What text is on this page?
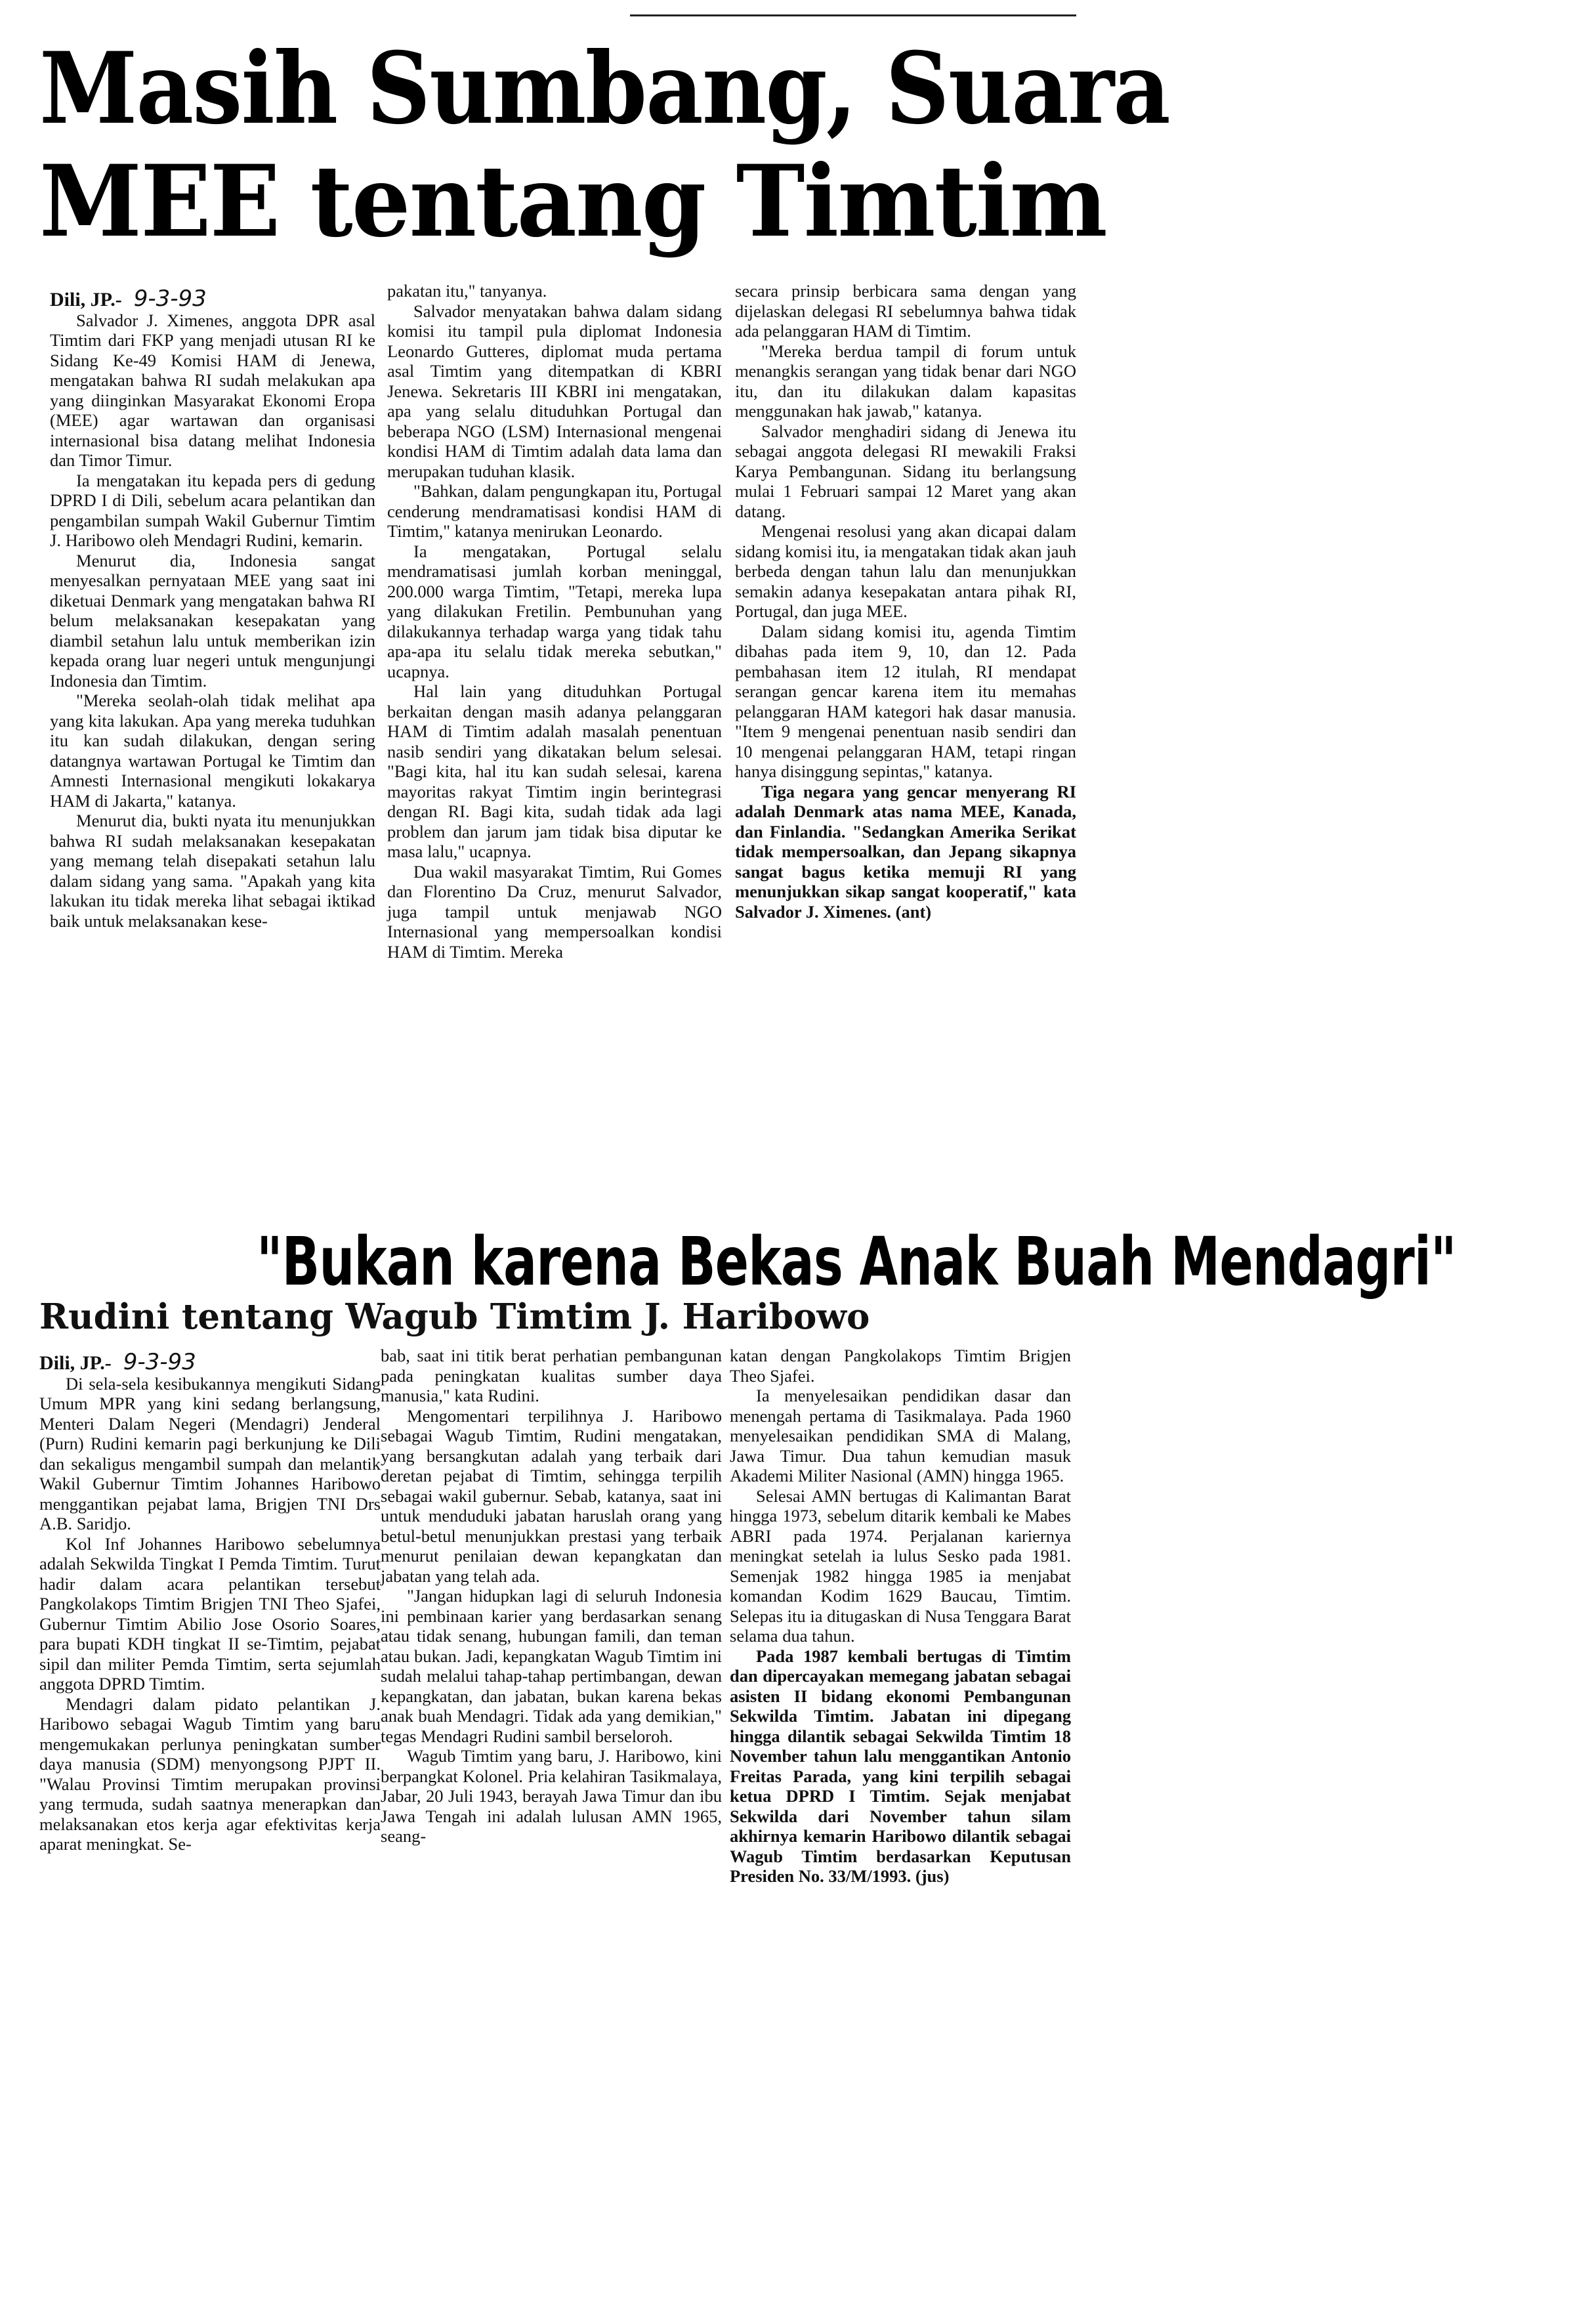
Masih Sumbang, Suara
MEE tentang Timtim
Dili, JP.- 9-3-93

Salvador J. Ximenes, anggota DPR asal Timtim dari FKP yang menjadi utusan RI ke Sidang Ke-49 Komisi HAM di Jenewa, mengatakan bahwa RI sudah melakukan apa yang diinginkan Masyarakat Ekonomi Eropa (MEE) agar wartawan dan organisasi internasional bisa datang melihat Indonesia dan Timor Timur.

Ia mengatakan itu kepada pers di gedung DPRD I di Dili, sebelum acara pelantikan dan pengambilan sumpah Wakil Gubernur Timtim J. Haribowo oleh Mendagri Rudini, kemarin.

Menurut dia, Indonesia sangat menyesalkan pernyataan MEE yang saat ini diketuai Denmark yang mengatakan bahwa RI belum melaksanakan kesepakatan yang diambil setahun lalu untuk memberikan izin kepada orang luar negeri untuk mengunjungi Indonesia dan Timtim.

"Mereka seolah-olah tidak melihat apa yang kita lakukan. Apa yang mereka tuduhkan itu kan sudah dilakukan, dengan sering datangnya wartawan Portugal ke Timtim dan Amnesti Internasional mengikuti lokakarya HAM di Jakarta," katanya.

Menurut dia, bukti nyata itu menunjukkan bahwa RI sudah melaksanakan kesepakatan yang memang telah disepakati setahun lalu dalam sidang yang sama. "Apakah yang kita lakukan itu tidak mereka lihat sebagai iktikad baik untuk melaksanakan kese-

pakatan itu," tanyanya.

Salvador menyatakan bahwa dalam sidang komisi itu tampil pula diplomat Indonesia Leonardo Gutteres, diplomat muda pertama asal Timtim yang ditempatkan di KBRI Jenewa. Sekretaris III KBRI ini mengatakan, apa yang selalu dituduhkan Portugal dan beberapa NGO (LSM) Internasional mengenai kondisi HAM di Timtim adalah data lama dan merupakan tuduhan klasik.

"Bahkan, dalam pengungkapan itu, Portugal cenderung mendramatisasi kondisi HAM di Timtim," katanya menirukan Leonardo.

Ia mengatakan, Portugal selalu mendramatisasi jumlah korban meninggal, 200.000 warga Timtim, "Tetapi, mereka lupa yang dilakukan Fretilin. Pembunuhan yang dilakukannya terhadap warga yang tidak tahu apa-apa itu selalu tidak mereka sebutkan," ucapnya.

Hal lain yang dituduhkan Portugal berkaitan dengan masih adanya pelanggaran HAM di Timtim adalah masalah penentuan nasib sendiri yang dikatakan belum selesai. "Bagi kita, hal itu kan sudah selesai, karena mayoritas rakyat Timtim ingin berintegrasi dengan RI. Bagi kita, sudah tidak ada lagi problem dan jarum jam tidak bisa diputar ke masa lalu," ucapnya.

Dua wakil masyarakat Timtim, Rui Gomes dan Florentino Da Cruz, menurut Salvador, juga tampil untuk menjawab NGO Internasional yang mempersoalkan kondisi HAM di Timtim. Mereka

secara prinsip berbicara sama dengan yang dijelaskan delegasi RI sebelumnya bahwa tidak ada pelanggaran HAM di Timtim.

"Mereka berdua tampil di forum untuk menangkis serangan yang tidak benar dari NGO itu, dan itu dilakukan dalam kapasitas menggunakan hak jawab," katanya.

Salvador menghadiri sidang di Jenewa itu sebagai anggota delegasi RI mewakili Fraksi Karya Pembangunan. Sidang itu berlangsung mulai 1 Februari sampai 12 Maret yang akan datang.

Mengenai resolusi yang akan dicapai dalam sidang komisi itu, ia mengatakan tidak akan jauh berbeda dengan tahun lalu dan menunjukkan semakin adanya kesepakatan antara pihak RI, Portugal, dan juga MEE.

Dalam sidang komisi itu, agenda Timtim dibahas pada item 9, 10, dan 12. Pada pembahasan item 12 itulah, RI mendapat serangan gencar karena item itu memahas pelanggaran HAM kategori hak dasar manusia. "Item 9 mengenai penentuan nasib sendiri dan 10 mengenai pelanggaran HAM, tetapi ringan hanya disinggung sepintas," katanya.

Tiga negara yang gencar menyerang RI adalah Denmark atas nama MEE, Kanada, dan Finlandia. "Sedangkan Amerika Serikat tidak mempersoalkan, dan Jepang sikapnya sangat bagus ketika memuji RI yang menunjukkan sikap sangat kooperatif," kata Salvador J. Ximenes. (ant)

"Bukan karena Bekas Anak Buah Mendagri"
Rudini tentang Wagub Timtim J. Haribowo
Dili, JP.- 9-3-93

Di sela-sela kesibukannya mengikuti Sidang Umum MPR yang kini sedang berlangsung, Menteri Dalam Negeri (Mendagri) Jenderal (Purn) Rudini kemarin pagi berkunjung ke Dili dan sekaligus mengambil sumpah dan melantik Wakil Gubernur Timtim Johannes Haribowo menggantikan pejabat lama, Brigjen TNI Drs A.B. Saridjo.

Kol Inf Johannes Haribowo sebelumnya adalah Sekwilda Tingkat I Pemda Timtim. Turut hadir dalam acara pelantikan tersebut Pangkolakops Timtim Brigjen TNI Theo Sjafei, Gubernur Timtim Abilio Jose Osorio Soares, para bupati KDH tingkat II se-Timtim, pejabat sipil dan militer Pemda Timtim, serta sejumlah anggota DPRD Timtim.

Mendagri dalam pidato pelantikan J. Haribowo sebagai Wagub Timtim yang baru mengemukakan perlunya peningkatan sumber daya manusia (SDM) menyongsong PJPT II. "Walau Provinsi Timtim merupakan provinsi yang termuda, sudah saatnya menerapkan dan melaksanakan etos kerja agar efektivitas kerja aparat meningkat. Se-

bab, saat ini titik berat perhatian pembangunan pada peningkatan kualitas sumber daya manusia," kata Rudini.

Mengomentari terpilihnya J. Haribowo sebagai Wagub Timtim, Rudini mengatakan, yang bersangkutan adalah yang terbaik dari deretan pejabat di Timtim, sehingga terpilih sebagai wakil gubernur. Sebab, katanya, saat ini untuk menduduki jabatan haruslah orang yang betul-betul menunjukkan prestasi yang terbaik menurut penilaian dewan kepangkatan dan jabatan yang telah ada.

"Jangan hidupkan lagi di seluruh Indonesia ini pembinaan karier yang berdasarkan senang atau tidak senang, hubungan famili, dan teman atau bukan. Jadi, kepangkatan Wagub Timtim ini sudah melalui tahap-tahap pertimbangan, dewan kepangkatan, dan jabatan, bukan karena bekas anak buah Mendagri. Tidak ada yang demikian," tegas Mendagri Rudini sambil berseloroh.

Wagub Timtim yang baru, J. Haribowo, kini berpangkat Kolonel. Pria kelahiran Tasikmalaya, Jabar, 20 Juli 1943, berayah Jawa Timur dan ibu Jawa Tengah ini adalah lulusan AMN 1965, seang-

katan dengan Pangkolakops Timtim Brigjen Theo Sjafei.

Ia menyelesaikan pendidikan dasar dan menengah pertama di Tasikmalaya. Pada 1960 menyelesaikan pendidikan SMA di Malang, Jawa Timur. Dua tahun kemudian masuk Akademi Militer Nasional (AMN) hingga 1965.

Selesai AMN bertugas di Kalimantan Barat hingga 1973, sebelum ditarik kembali ke Mabes ABRI pada 1974. Perjalanan kariernya meningkat setelah ia lulus Sesko pada 1981. Semenjak 1982 hingga 1985 ia menjabat komandan Kodim 1629 Baucau, Timtim. Selepas itu ia ditugaskan di Nusa Tenggara Barat selama dua tahun.

Pada 1987 kembali bertugas di Timtim dan dipercayakan memegang jabatan sebagai asisten II bidang ekonomi Pembangunan Sekwilda Timtim. Jabatan ini dipegang hingga dilantik sebagai Sekwilda Timtim 18 November tahun lalu menggantikan Antonio Freitas Parada, yang kini terpilih sebagai ketua DPRD I Timtim. Sejak menjabat Sekwilda dari November tahun silam akhirnya kemarin Haribowo dilantik sebagai Wagub Timtim berdasarkan Keputusan Presiden No. 33/M/1993. (jus)
